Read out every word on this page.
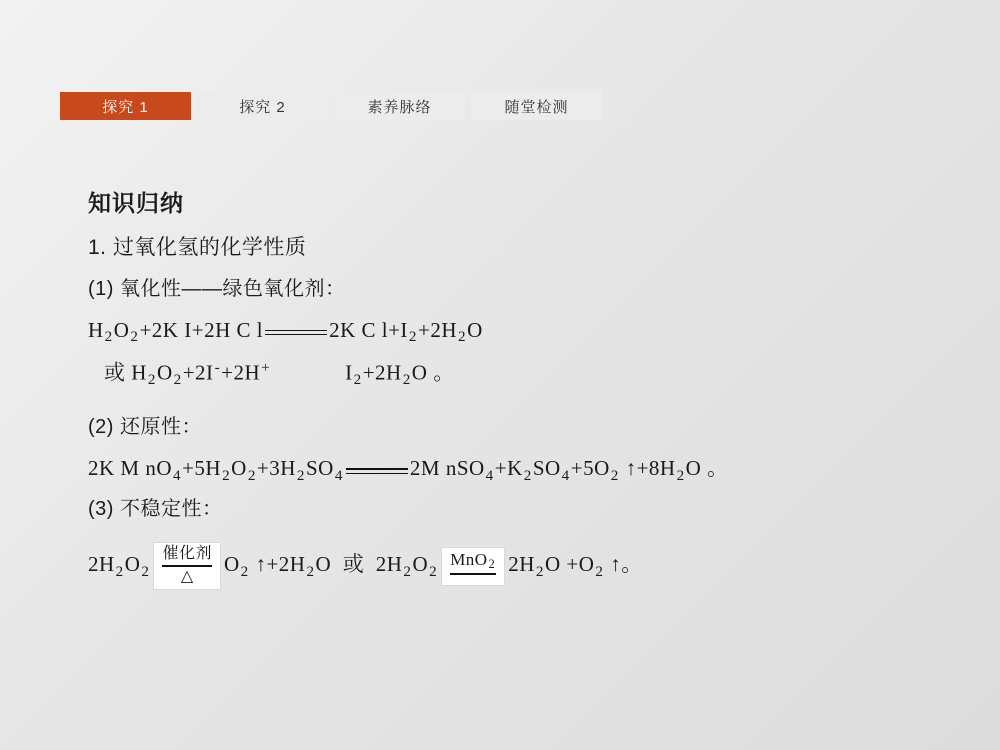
探究 1	探究 2	素养脉络	随堂检测
知识归纳
1. 过氧化氢的化学性质
(1) 氧化性——绿色氧化剂：
$H_2O_2+2K$ I+2H C l	2K C $l+I_2+2H_2O$
或 $H_2O_2+2I^-+2H^+$	$I_2+2H_2O$ 。
(2) 还原性：
2K M $nO_4+5H_2O_2+3H_2SO_4$	2M $nSO_4+K_2SO_4+5O_2$ $↑+8H_2O$ 。
(3) 不稳定性：
$2H_2O_2$
催化剂
△
$O_2$ $↑+2H_2O$  或  $2H_2O_2$
MnO$_2$ $2H_2O +O_2$ ↑。
